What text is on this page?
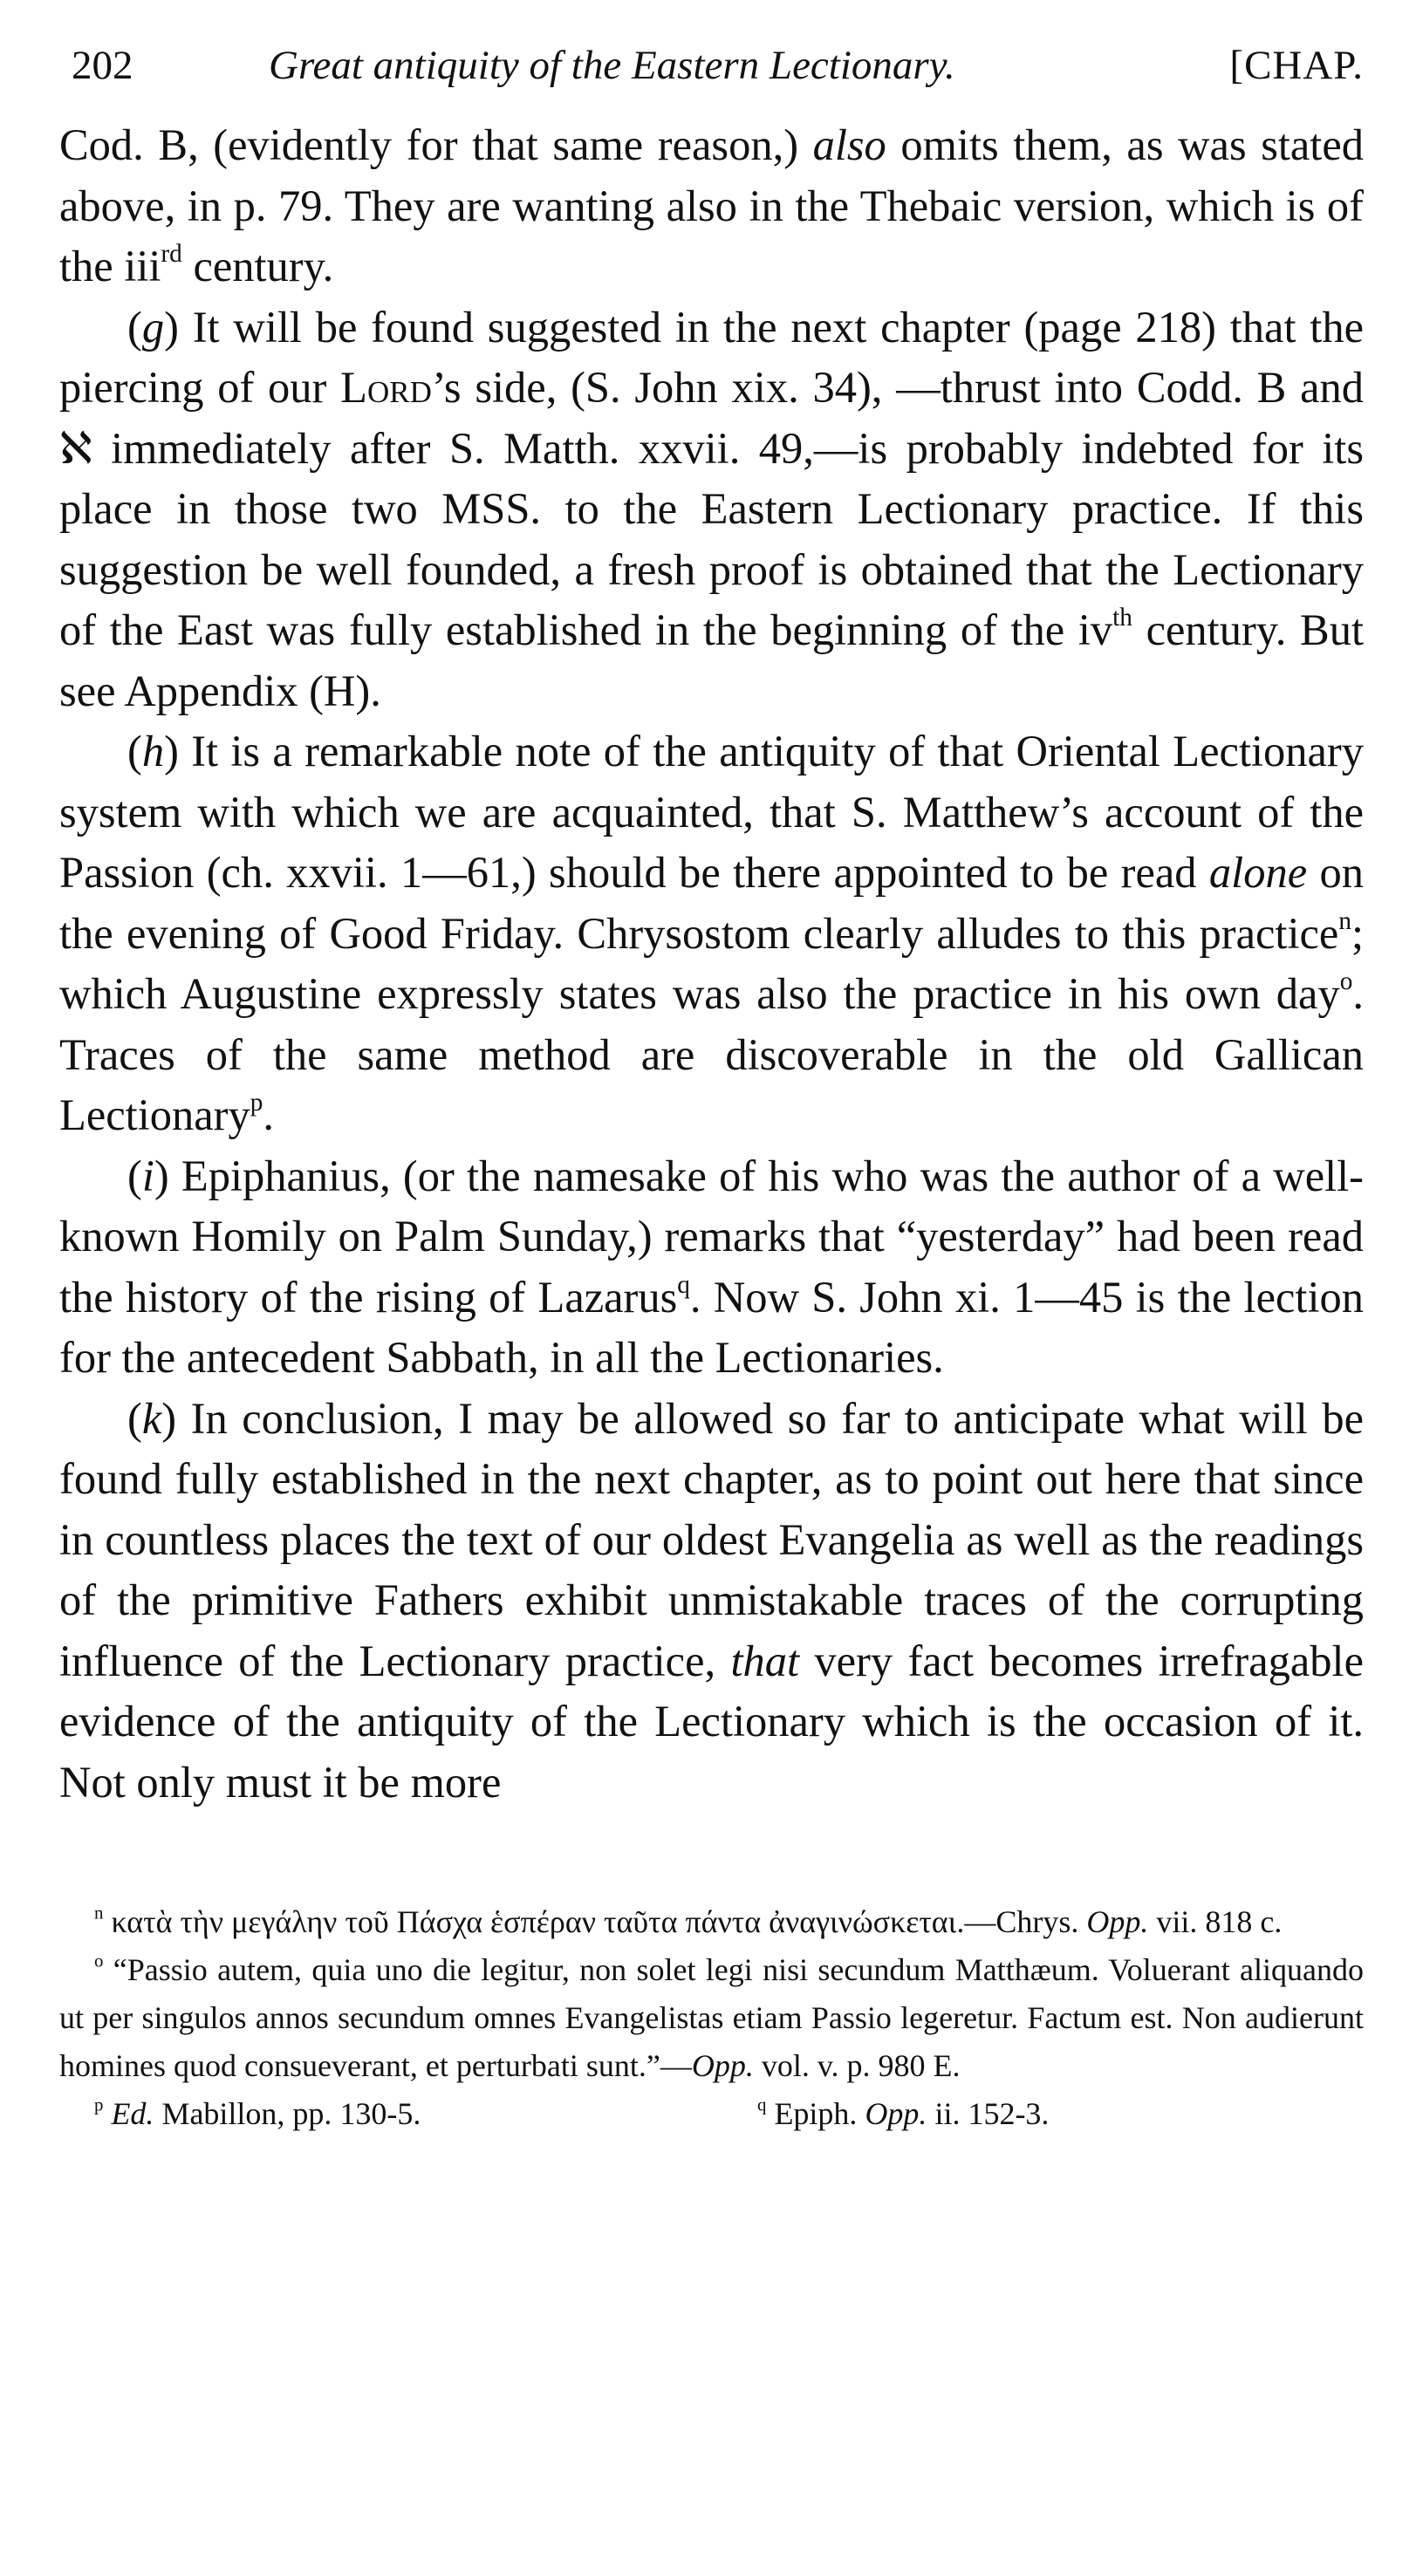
202	Great antiquity of the Eastern Lectionary.	[CHAP.

Cod. B, (evidently for that same reason,) also omits them, as was stated above, in p. 79. They are wanting also in the Thebaic version, which is of the iii$^{rd}$ century.

(g) It will be found suggested in the next chapter (page 218) that the piercing of our Lord’s side, (S. John xix. 34), —thrust into Codd. B and ℵ immediately after S. Matth. xxvii. 49,—is probably indebted for its place in those two MSS. to the Eastern Lectionary practice. If this suggestion be well founded, a fresh proof is obtained that the Lectionary of the East was fully established in the beginning of the $iv^{th}$ century. But see Appendix (H).

(h) It is a remarkable note of the antiquity of that Oriental Lectionary system with which we are acquainted, that S. Matthew’s account of the Passion (ch. xxvii. 1—61,) should be there appointed to be read alone on the evening of Good Friday. Chrysostom clearly alludes to this practice$^n$; which Augustine expressly states was also the practice in his own day$^o$. Traces of the same method are discoverable in the old Gallican Lectionary$^p$.

(i) Epiphanius, (or the namesake of his who was the author of a well-known Homily on Palm Sunday,) remarks that “yesterday” had been read the history of the rising of Lazarus$^q$. Now S. John xi. 1—45 is the lection for the antecedent Sabbath, in all the Lectionaries.

(k) In conclusion, I may be allowed so far to anticipate what will be found fully established in the next chapter, as to point out here that since in countless places the text of our oldest Evangelia as well as the readings of the primitive Fathers exhibit unmistakable traces of the corrupting influence of the Lectionary practice, that very fact becomes irrefragable evidence of the antiquity of the Lectionary which is the occasion of it. Not only must it be more

$^n$ κατὰ τὴν μεγάλην τοῦ Πάσχα ἑσπέραν ταῦτα πάντα ἀναγινώσκεται.—Chrys. Opp. vii. 818 c.

$^o$ “Passio autem, quia uno die legitur, non solet legi nisi secundum Matthæum. Voluerant aliquando ut per singulos annos secundum omnes Evangelistas etiam Passio legeretur. Factum est. Non audierunt homines quod consueverant, et perturbati sunt.”—Opp. vol. v. p. 980 E.

$^p$ Ed. Mabillon, pp. 130-5.	$^q$ Epiph. Opp. ii. 152-3.
